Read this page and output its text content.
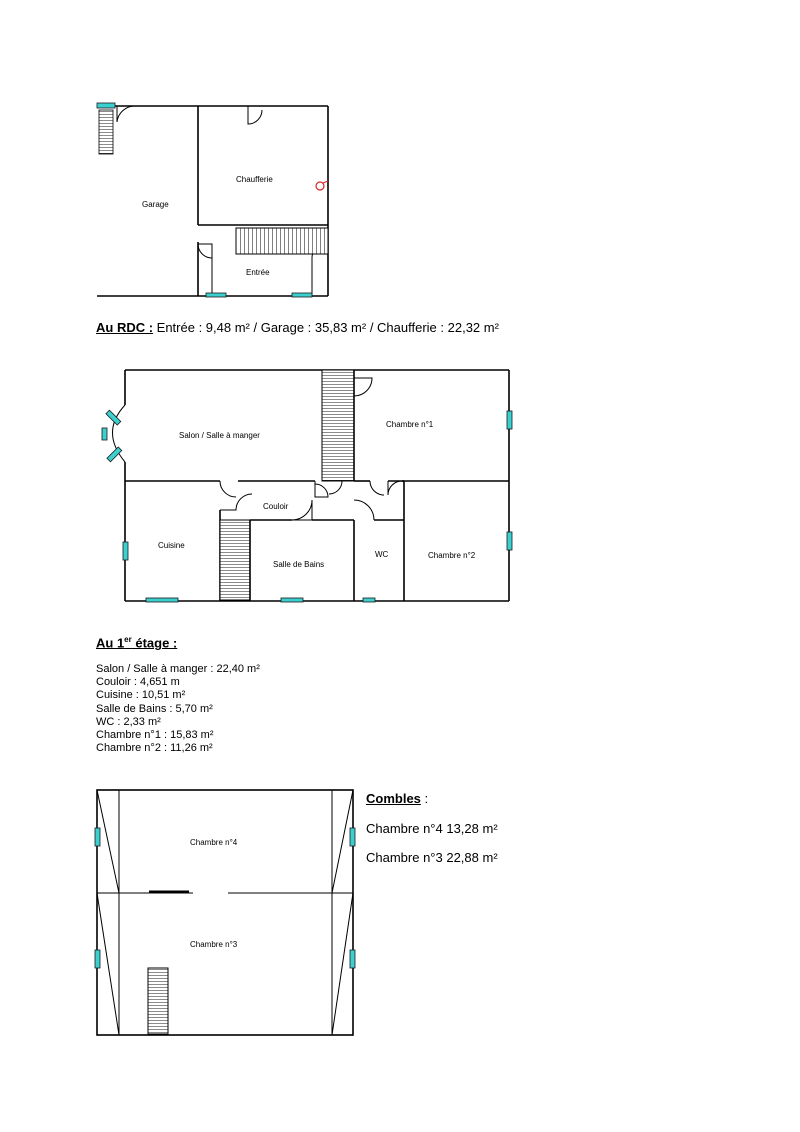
Garage
Chaufferie
Entrée
Salon / Salle à manger
Chambre n°1
Couloir
Cuisine
Salle de Bains
WC	Chambre n°2
Chambre n°4
Chambre n°3
Au RDC : Entrée : 9,48 m² / Garage : 35,83 m² / Chaufferie : 22,32 m²
Au 1er étage :
Salon / Salle à manger : 22,40 m²
Couloir : 4,651 m
Cuisine : 10,51 m²
Salle de Bains : 5,70 m²
WC : 2,33 m²
Chambre n°1 : 15,83 m²
Chambre n°2 : 11,26 m²
Combles :
Chambre n°4 13,28 m²
Chambre n°3 22,88 m²
